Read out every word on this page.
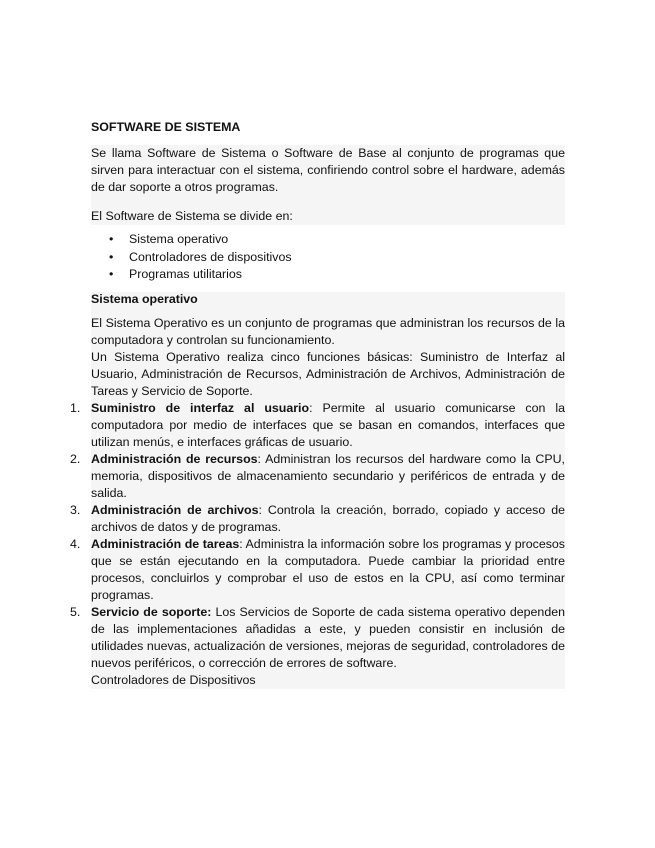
SOFTWARE DE SISTEMA

Se llama Software de Sistema o Software de Base al conjunto de programas que sirven para interactuar con el sistema, confiriendo control sobre el hardware, además de dar soporte a otros programas.

El Software de Sistema se divide en:

• Sistema operativo
• Controladores de dispositivos
• Programas utilitarios
Sistema operativo

El Sistema Operativo es un conjunto de programas que administran los recursos de la computadora y controlan su funcionamiento.

Un Sistema Operativo realiza cinco funciones básicas: Suministro de Interfaz al Usuario, Administración de Recursos, Administración de Archivos, Administración de Tareas y Servicio de Soporte.

1. Suministro de interfaz al usuario: Permite al usuario comunicarse con la computadora por medio de interfaces que se basan en comandos, interfaces que utilizan menús, e interfaces gráficas de usuario.
2. Administración de recursos: Administran los recursos del hardware como la CPU, memoria, dispositivos de almacenamiento secundario y periféricos de entrada y de salida.
3. Administración de archivos: Controla la creación, borrado, copiado y acceso de archivos de datos y de programas.
4. Administración de tareas: Administra la información sobre los programas y procesos que se están ejecutando en la computadora. Puede cambiar la prioridad entre procesos, concluirlos y comprobar el uso de estos en la CPU, así como terminar programas.
5. Servicio de soporte: Los Servicios de Soporte de cada sistema operativo dependen de las implementaciones añadidas a este, y pueden consistir en inclusión de utilidades nuevas, actualización de versiones, mejoras de seguridad, controladores de nuevos periféricos, o corrección de errores de software.

Controladores de Dispositivos
